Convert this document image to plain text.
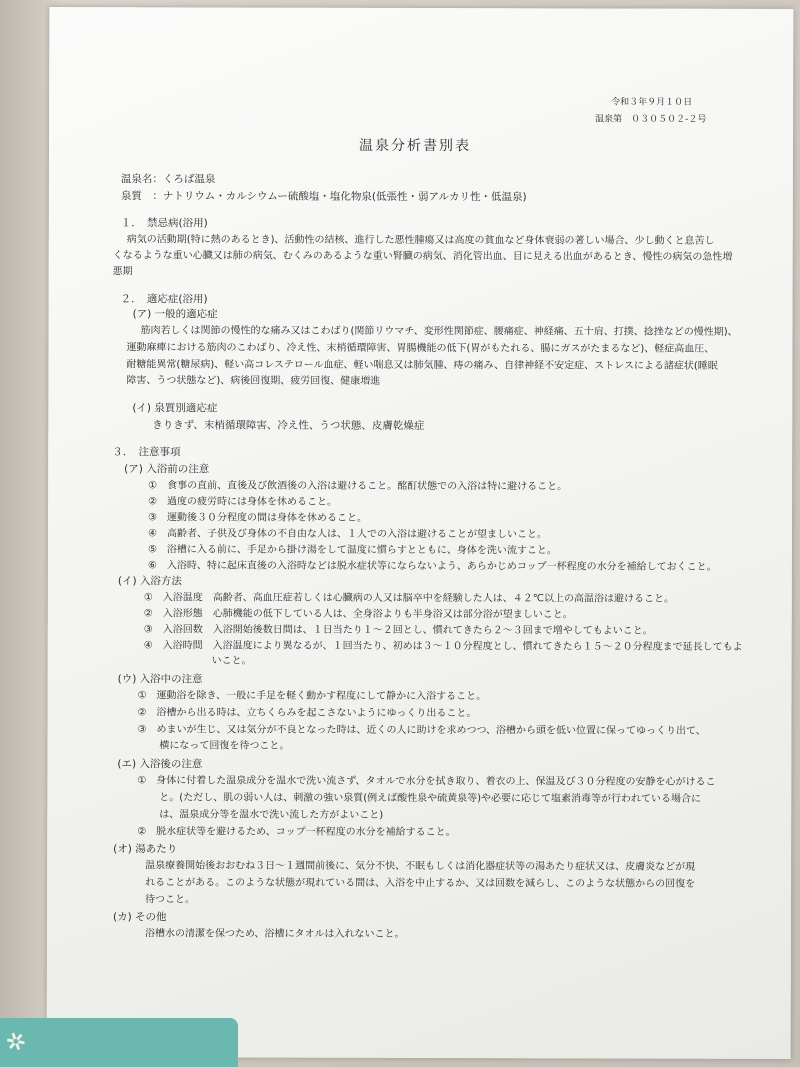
令和３年９月１０日
温泉第　０３０５０２-２号
温泉分析書別表
温泉名：くろば温泉
泉質　：ナトリウム・カルシウムー硫酸塩・塩化物泉(低張性・弱アルカリ性・低温泉)
１．　禁忌病(浴用)
病気の活動期(特に熱のあるとき)、活動性の結核、進行した悪性腫瘍又は高度の貧血など身体衰弱の著しい場合、少し動くと息苦し
くなるような重い心臓又は肺の病気、むくみのあるような重い腎臓の病気、消化管出血、目に見える出血があるとき、慢性の病気の急性増
悪期
２．　適応症(浴用)
(ア) 一般的適応症
筋肉若しくは関節の慢性的な痛み又はこわばり(関節リウマチ、変形性関節症、腰痛症、神経痛、五十肩、打撲、捻挫などの慢性期)、
運動麻痺における筋肉のこわばり、冷え性、末梢循環障害、胃腸機能の低下(胃がもたれる、腸にガスがたまるなど)、軽症高血圧、
耐糖能異常(糖尿病)、軽い高コレステロール血症、軽い喘息又は肺気腫、痔の痛み、自律神経不安定症、ストレスによる諸症状(睡眠
障害、うつ状態など)、病後回復期、疲労回復、健康増進
(イ) 泉質別適応症
きりきず、末梢循環障害、冷え性、うつ状態、皮膚乾燥症
３．　注意事項
(ア) 入浴前の注意
①　食事の直前、直後及び飲酒後の入浴は避けること。酩酊状態での入浴は特に避けること。
②　過度の疲労時には身体を休めること。
③　運動後３０分程度の間は身体を休めること。
④　高齢者、子供及び身体の不自由な人は、１人での入浴は避けることが望ましいこと。
⑤　浴槽に入る前に、手足から掛け湯をして温度に慣らすとともに、身体を洗い流すこと。
⑥　入浴時、特に起床直後の入浴時などは脱水症状等にならないよう、あらかじめコップ一杯程度の水分を補給しておくこと。
(イ) 入浴方法
①　入浴温度　高齢者、高血圧症若しくは心臓病の人又は脳卒中を経験した人は、４２℃以上の高温浴は避けること。
②　入浴形態　心肺機能の低下している人は、全身浴よりも半身浴又は部分浴が望ましいこと。
③　入浴回数　入浴開始後数日間は、１日当たり１～２回とし、慣れてきたら２～３回まで増やしてもよいこと。
④　入浴時間　入浴温度により異なるが、１回当たり、初めは３～１０分程度とし、慣れてきたら１５～２０分程度まで延長してもよ
いこと。
(ウ) 入浴中の注意
①　運動浴を除き、一般に手足を軽く動かす程度にして静かに入浴すること。
②　浴槽から出る時は、立ちくらみを起こさないようにゆっくり出ること。
③　めまいが生じ、又は気分が不良となった時は、近くの人に助けを求めつつ、浴槽から頭を低い位置に保ってゆっくり出て、
横になって回復を待つこと。
(エ) 入浴後の注意
①　身体に付着した温泉成分を温水で洗い流さず、タオルで水分を拭き取り、着衣の上、保温及び３０分程度の安静を心がけるこ
と。(ただし、肌の弱い人は、刺激の強い泉質(例えば酸性泉や硫黄泉等)や必要に応じて塩素消毒等が行われている場合に
は、温泉成分等を温水で洗い流した方がよいこと)
②　脱水症状等を避けるため、コップ一杯程度の水分を補給すること。
(オ) 湯あたり
温泉療養開始後おおむね３日～１週間前後に、気分不快、不眠もしくは消化器症状等の湯あたり症状又は、皮膚炎などが現
れることがある。このような状態が現れている間は、入浴を中止するか、又は回数を減らし、このような状態からの回復を
待つこと。
(カ) その他
浴槽水の清潔を保つため、浴槽にタオルは入れないこと。
✲
